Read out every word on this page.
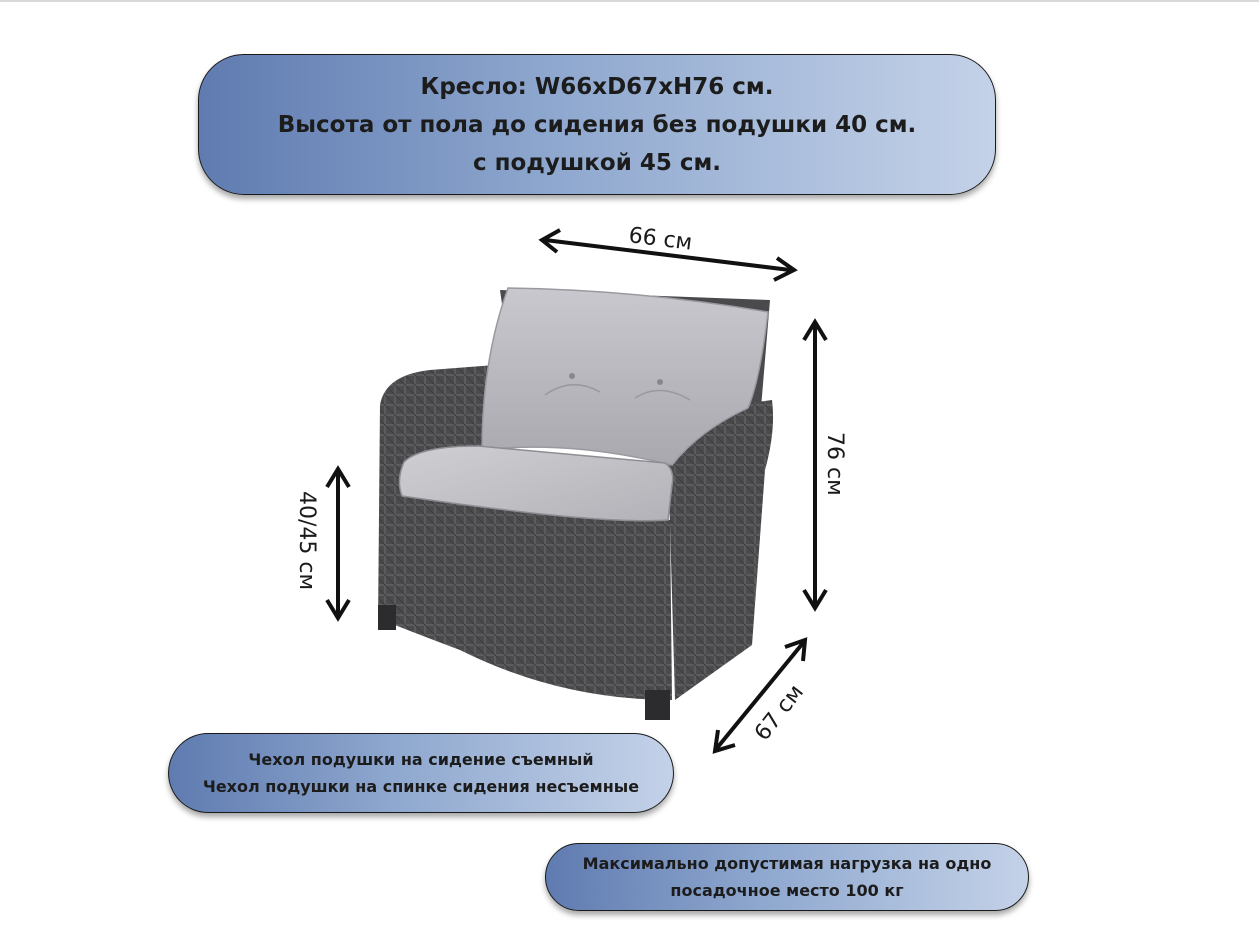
Кресло: W66xD67xH76 см.
Высота от пола до сидения без подушки 40 см.
с подушкой 45 см.
66 см
76 см
40/45 см
67 см
Чехол подушки на сидение съемный
Чехол подушки на спинке сидения несъемные
Максимально допустимая нагрузка на одно
посадочное место 100 кг
